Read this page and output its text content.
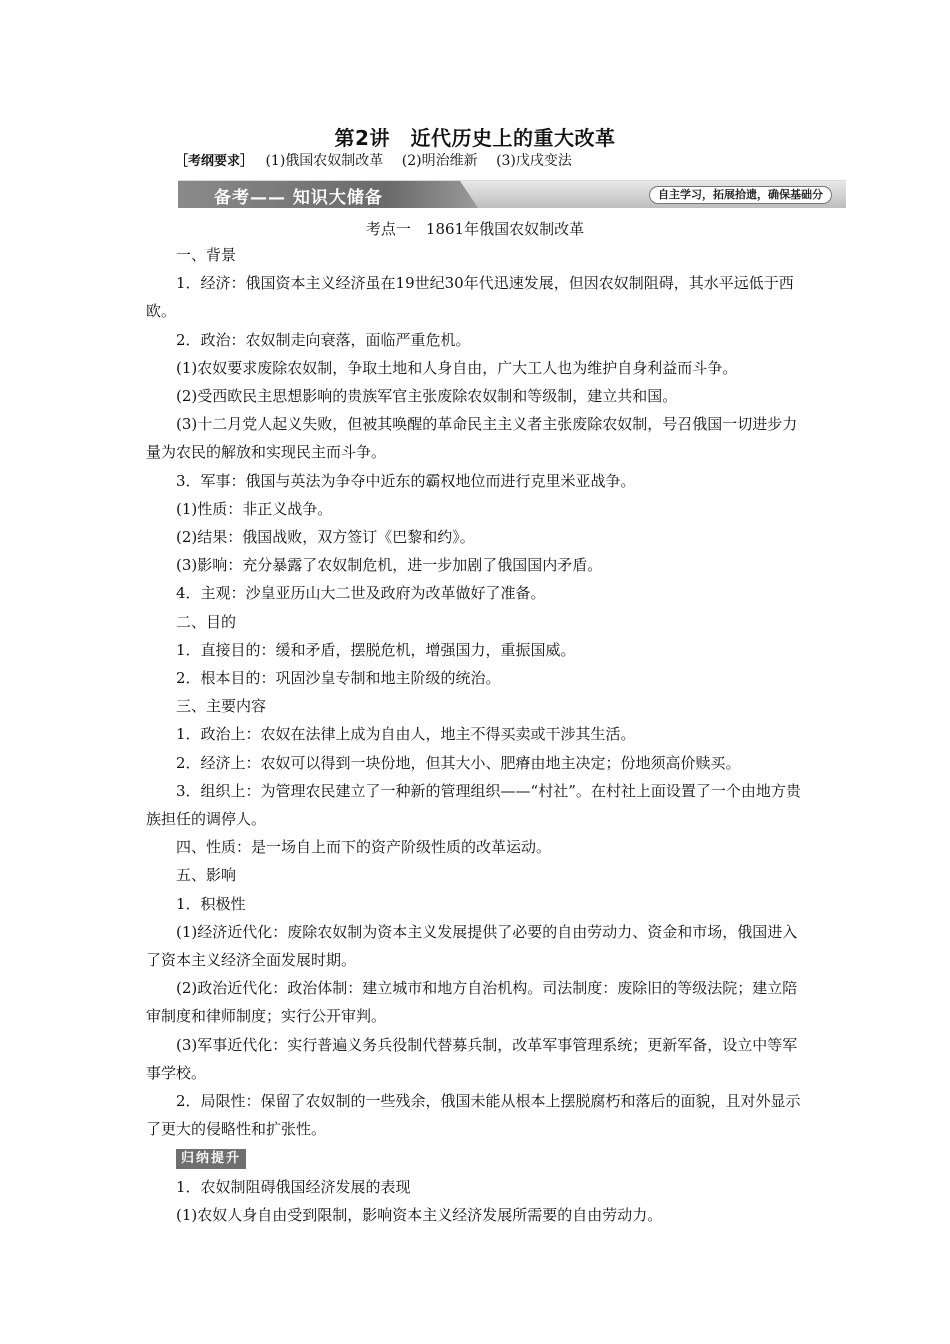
第2讲　近代历史上的重大改革
［考纲要求］ (1)俄国农奴制改革 (2)明治维新 (3)戊戌变法
备考—— 知识大储备	自主学习，拓展拾遗，确保基础分
考点一　1861年俄国农奴制改革

一、背景

1．经济：俄国资本主义经济虽在19世纪30年代迅速发展，但因农奴制阻碍，其水平远低于西欧。

2．政治：农奴制走向衰落，面临严重危机。

(1)农奴要求废除农奴制，争取土地和人身自由，广大工人也为维护自身利益而斗争。

(2)受西欧民主思想影响的贵族军官主张废除农奴制和等级制，建立共和国。

(3)十二月党人起义失败，但被其唤醒的革命民主主义者主张废除农奴制，号召俄国一切进步力量为农民的解放和实现民主而斗争。

3．军事：俄国与英法为争夺中近东的霸权地位而进行克里米亚战争。

(1)性质：非正义战争。

(2)结果：俄国战败，双方签订《巴黎和约》。

(3)影响：充分暴露了农奴制危机，进一步加剧了俄国国内矛盾。

4．主观：沙皇亚历山大二世及政府为改革做好了准备。

二、目的

1．直接目的：缓和矛盾，摆脱危机，增强国力，重振国威。

2．根本目的：巩固沙皇专制和地主阶级的统治。

三、主要内容

1．政治上：农奴在法律上成为自由人，地主不得买卖或干涉其生活。

2．经济上：农奴可以得到一块份地，但其大小、肥瘠由地主决定；份地须高价赎买。

3．组织上：为管理农民建立了一种新的管理组织——“村社”。在村社上面设置了一个由地方贵族担任的调停人。

四、性质：是一场自上而下的资产阶级性质的改革运动。

五、影响

1．积极性

(1)经济近代化：废除农奴制为资本主义发展提供了必要的自由劳动力、资金和市场，俄国进入了资本主义经济全面发展时期。

(2)政治近代化：政治体制：建立城市和地方自治机构。司法制度：废除旧的等级法院；建立陪审制度和律师制度；实行公开审判。

(3)军事近代化：实行普遍义务兵役制代替募兵制，改革军事管理系统；更新军备，设立中等军事学校。

2．局限性：保留了农奴制的一些残余，俄国未能从根本上摆脱腐朽和落后的面貌，且对外显示了更大的侵略性和扩张性。

归纳提升

1．农奴制阻碍俄国经济发展的表现

(1)农奴人身自由受到限制，影响资本主义经济发展所需要的自由劳动力。
